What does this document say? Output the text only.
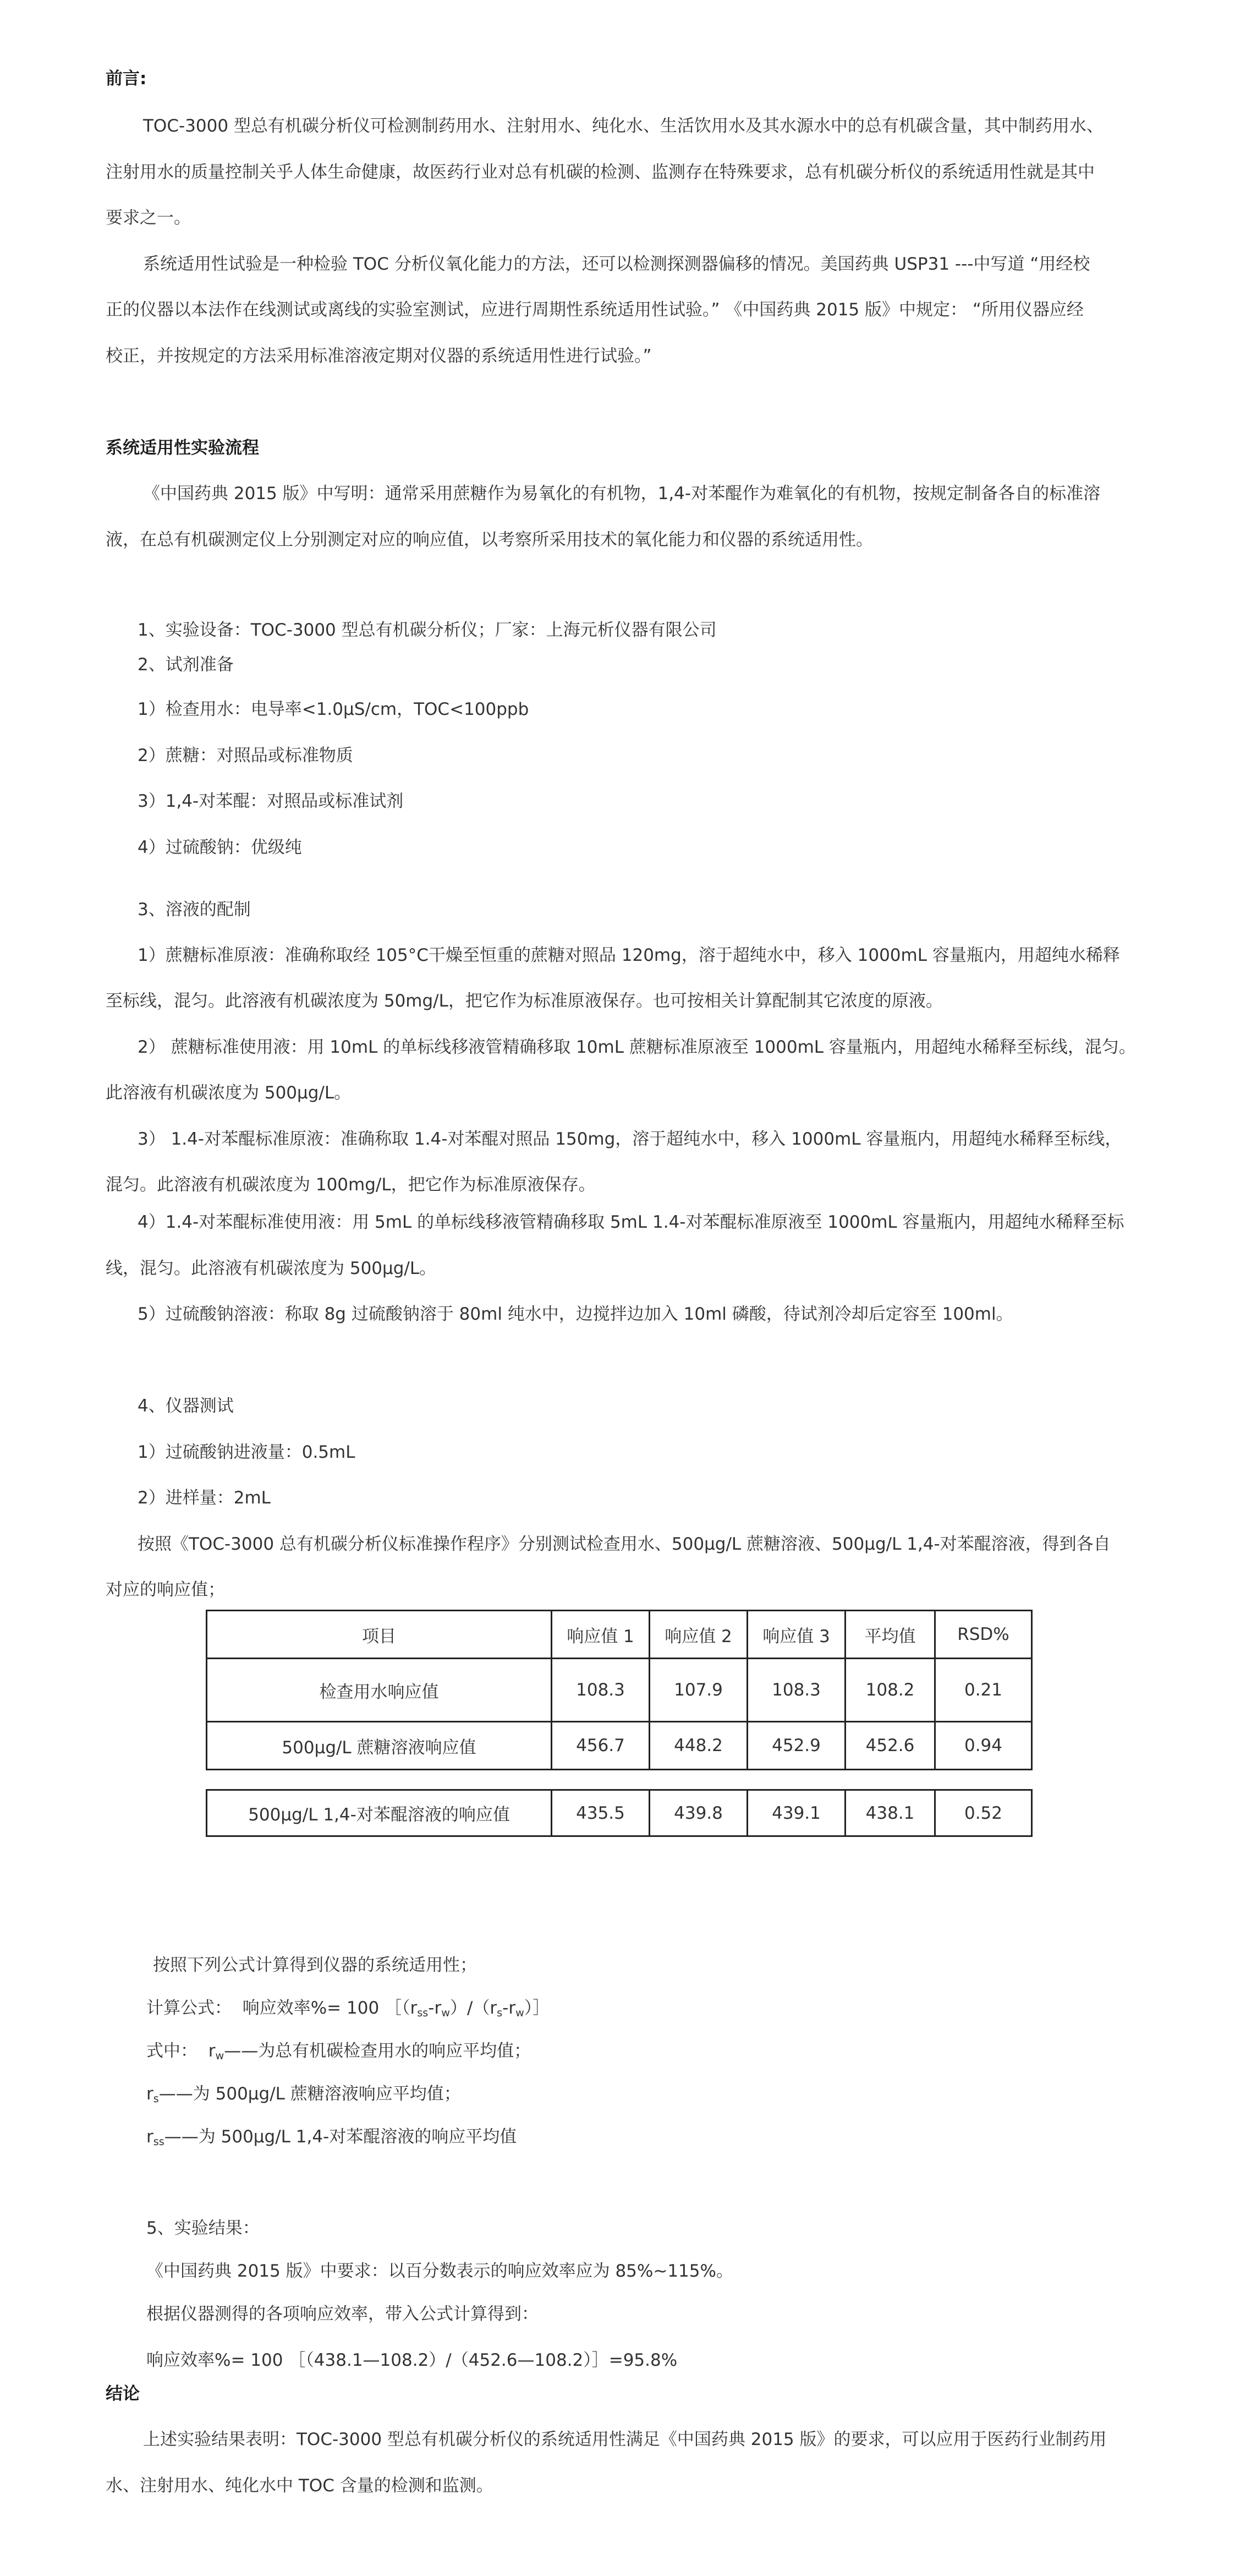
前言:
TOC-3000 型总有机碳分析仪可检测制药用水、注射用水、纯化水、生活饮用水及其水源水中的总有机碳含量，其中制药用水、
注射用水的质量控制关乎人体生命健康，故医药行业对总有机碳的检测、监测存在特殊要求，总有机碳分析仪的系统适用性就是其中
要求之一。
系统适用性试验是一种检验 TOC 分析仪氧化能力的方法，还可以检测探测器偏移的情况。美国药典 USP31 ---中写道 “用经校
正的仪器以本法作在线测试或离线的实验室测试，应进行周期性系统适用性试验。” 《中国药典 2015 版》中规定： “所用仪器应经
校正，并按规定的方法采用标准溶液定期对仪器的系统适用性进行试验。”
系统适用性实验流程
《中国药典 2015 版》中写明：通常采用蔗糖作为易氧化的有机物，1,4-对苯醌作为难氧化的有机物，按规定制备各自的标准溶
液，在总有机碳测定仪上分别测定对应的响应值，以考察所采用技术的氧化能力和仪器的系统适用性。
1、实验设备：TOC-3000 型总有机碳分析仪；厂家：上海元析仪器有限公司
2、试剂准备
1）检查用水：电导率<1.0μS/cm，TOC<100ppb
2）蔗糖：对照品或标准物质
3）1,4-对苯醌：对照品或标准试剂
4）过硫酸钠：优级纯
3、溶液的配制
1）蔗糖标准原液：准确称取经 105°C干燥至恒重的蔗糖对照品 120mg，溶于超纯水中，移入 1000mL 容量瓶内，用超纯水稀释
至标线，混匀。此溶液有机碳浓度为 50mg/L，把它作为标准原液保存。也可按相关计算配制其它浓度的原液。
2） 蔗糖标准使用液：用 10mL 的单标线移液管精确移取 10mL 蔗糖标准原液至 1000mL 容量瓶内，用超纯水稀释至标线，混匀。
此溶液有机碳浓度为 500μg/L。
3） 1.4-对苯醌标准原液：准确称取 1.4-对苯醌对照品 150mg，溶于超纯水中，移入 1000mL 容量瓶内，用超纯水稀释至标线，
混匀。此溶液有机碳浓度为 100mg/L，把它作为标准原液保存。
4）1.4-对苯醌标准使用液：用 5mL 的单标线移液管精确移取 5mL 1.4-对苯醌标准原液至 1000mL 容量瓶内，用超纯水稀释至标
线，混匀。此溶液有机碳浓度为 500μg/L。
5）过硫酸钠溶液：称取 8g 过硫酸钠溶于 80ml 纯水中，边搅拌边加入 10ml 磷酸，待试剂冷却后定容至 100ml。
4、仪器测试
1）过硫酸钠进液量：0.5mL
2）进样量：2mL
按照《TOC-3000 总有机碳分析仪标准操作程序》分别测试检查用水、500μg/L 蔗糖溶液、500μg/L 1,4-对苯醌溶液，得到各自
对应的响应值；
项目	响应值 1	响应值 2	响应值 3	平均值	RSD%
检查用水响应值	108.3	107.9	108.3	108.2	0.21
500μg/L 蔗糖溶液响应值	456.7	448.2	452.9	452.6	0.94
500μg/L 1,4-对苯醌溶液的响应值	435.5	439.8	439.1	438.1	0.52
按照下列公式计算得到仪器的系统适用性；
计算公式： 响应效率%= 100 $[(r_{ss}-r_w)/(r_s-r_w)]$
式中： $r_w——$为总有机碳检查用水的响应平均值；
$r_s——$为 500μg/L 蔗糖溶液响应平均值；
$r_{ss}——$为 500μg/L 1,4-对苯醌溶液的响应平均值
5、实验结果：
《中国药典 2015 版》中要求：以百分数表示的响应效率应为 85%~115%。
根据仪器测得的各项响应效率，带入公式计算得到：
响应效率%= 100 ［（438.1—108.2）/（452.6—108.2）］=95.8%
结论
上述实验结果表明：TOC-3000 型总有机碳分析仪的系统适用性满足《中国药典 2015 版》的要求，可以应用于医药行业制药用
水、注射用水、纯化水中 TOC 含量的检测和监测。
